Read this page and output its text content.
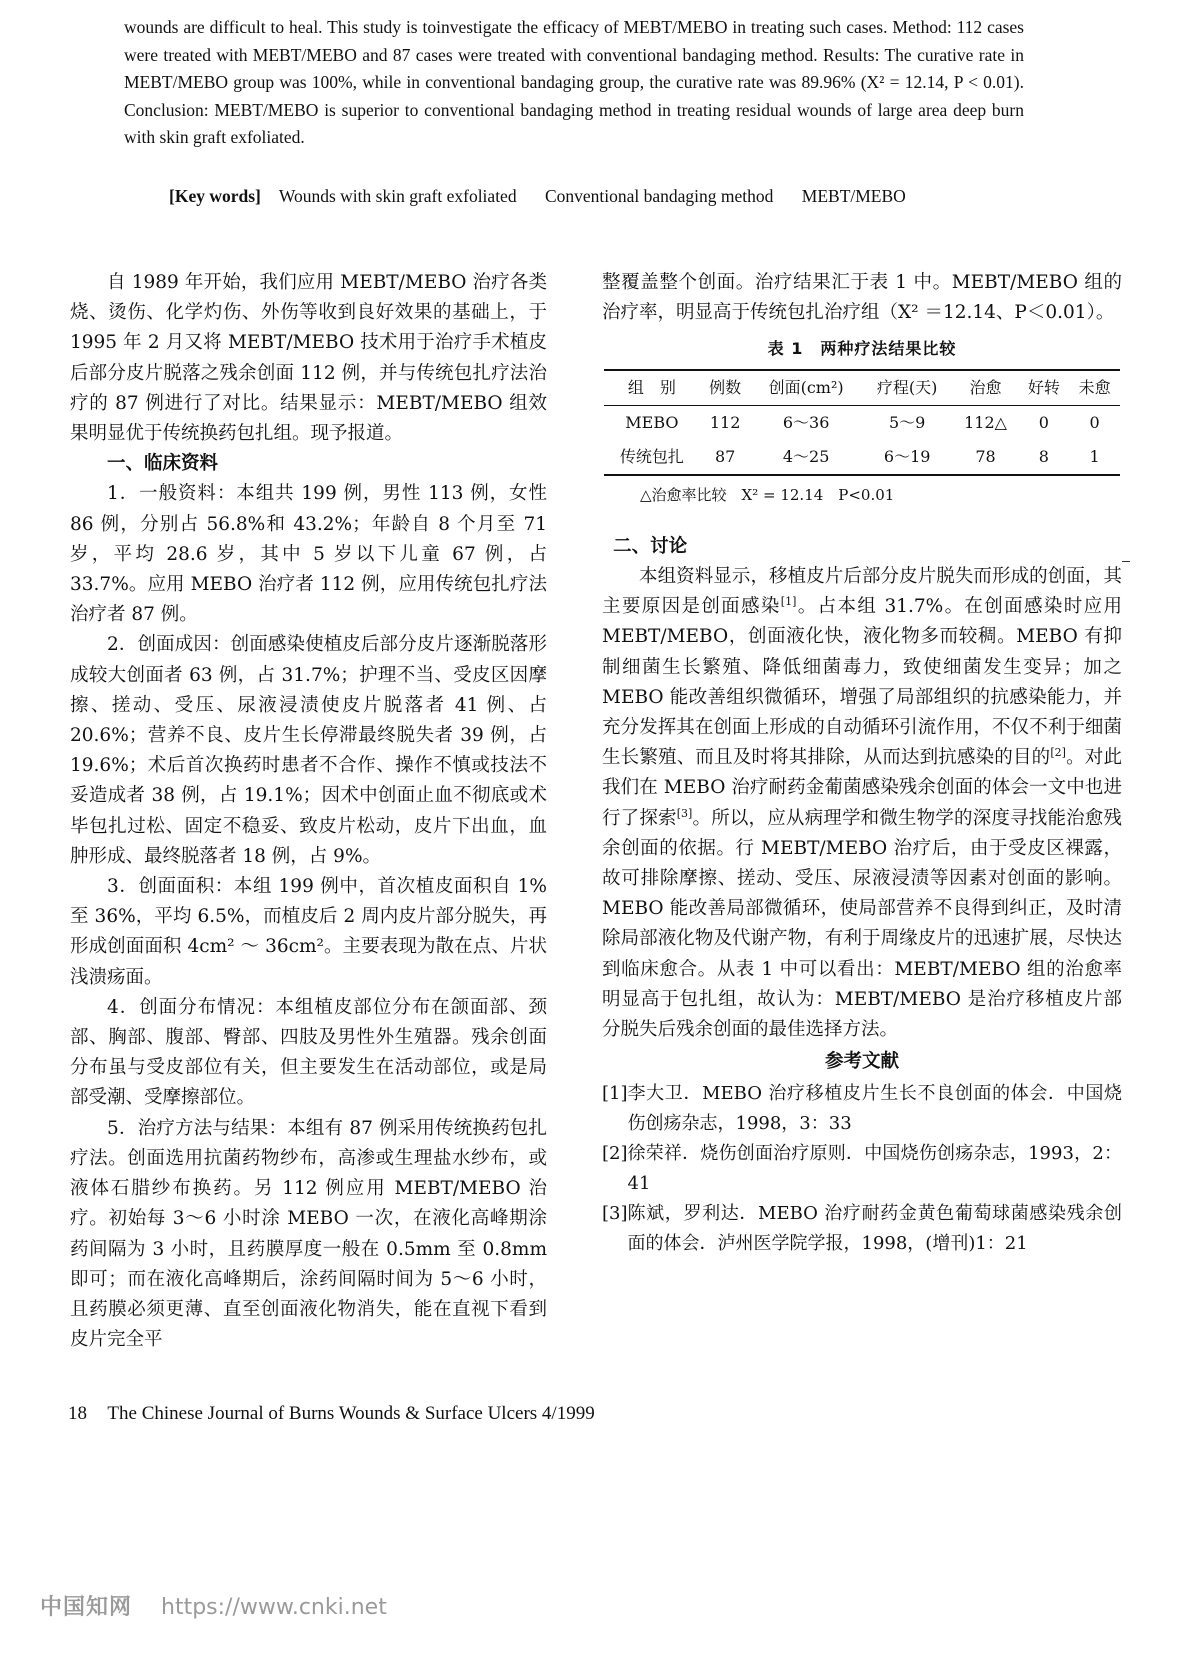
wounds are difficult to heal. This study is toinvestigate the efficacy of MEBT/MEBO in treating such cases. Method: 112 cases were treated with MEBT/MEBO and 87 cases were treated with conventional bandaging method. Results: The curative rate in MEBT/MEBO group was 100%, while in conventional bandaging group, the curative rate was 89.96% (X² = 12.14, P < 0.01). Conclusion: MEBT/MEBO is superior to conventional bandaging method in treating residual wounds of large area deep burn with skin graft exfoliated.

[Key words] Wounds with skin graft exfoliated Conventional bandaging method MEBT/MEBO

自 1989 年开始，我们应用 MEBT/MEBO 治疗各类烧、烫伤、化学灼伤、外伤等收到良好效果的基础上，于 1995 年 2 月又将 MEBT/MEBO 技术用于治疗手术植皮后部分皮片脱落之残余创面 112 例，并与传统包扎疗法治疗的 87 例进行了对比。结果显示：MEBT/MEBO 组效果明显优于传统换药包扎组。现予报道。

一、临床资料

1．一般资料：本组共 199 例，男性 113 例，女性 86 例，分别占 56.8%和 43.2%；年龄自 8 个月至 71 岁，平均 28.6 岁，其中 5 岁以下儿童 67 例，占 33.7%。应用 MEBO 治疗者 112 例，应用传统包扎疗法治疗者 87 例。

2．创面成因：创面感染使植皮后部分皮片逐渐脱落形成较大创面者 63 例，占 31.7%；护理不当、受皮区因摩擦、搓动、受压、尿液浸渍使皮片脱落者 41 例、占 20.6%；营养不良、皮片生长停滞最终脱失者 39 例，占 19.6%；术后首次换药时患者不合作、操作不慎或技法不妥造成者 38 例，占 19.1%；因术中创面止血不彻底或术毕包扎过松、固定不稳妥、致皮片松动，皮片下出血，血肿形成、最终脱落者 18 例，占 9%。

3．创面面积：本组 199 例中，首次植皮面积自 1%至 36%，平均 6.5%，而植皮后 2 周内皮片部分脱失，再形成创面面积 4cm² ～ 36cm²。主要表现为散在点、片状浅溃疡面。

4．创面分布情况：本组植皮部位分布在颌面部、颈部、胸部、腹部、臀部、四肢及男性外生殖器。残余创面分布虽与受皮部位有关，但主要发生在活动部位，或是局部受潮、受摩擦部位。

5．治疗方法与结果：本组有 87 例采用传统换药包扎疗法。创面选用抗菌药物纱布，高渗或生理盐水纱布，或液体石腊纱布换药。另 112 例应用 MEBT/MEBO 治疗。初始每 3～6 小时涂 MEBO 一次，在液化高峰期涂药间隔为 3 小时，且药膜厚度一般在 0.5mm 至 0.8mm 即可；而在液化高峰期后，涂药间隔时间为 5～6 小时，且药膜必须更薄、直至创面液化物消失，能在直视下看到皮片完全平

整覆盖整个创面。治疗结果汇于表 1 中。MEBT/MEBO 组的治疗率，明显高于传统包扎治疗组（X² ＝12.14、P＜0.01）。

表 1　两种疗法结果比较
组　别	例数	创面(cm²)	疗程(天)	治愈	好转	未愈
MEBO	112	6～36	5～9	112△	0	0
传统包扎	87	4～25	6～19	78	8	1
△治愈率比较　X² = 12.14　P<0.01
二、讨论

本组资料显示，移植皮片后部分皮片脱失而形成的创面，其主要原因是创面感染[1]。占本组 31.7%。在创面感染时应用 MEBT/MEBO，创面液化快，液化物多而较稠。MEBO 有抑制细菌生长繁殖、降低细菌毒力，致使细菌发生变异；加之 MEBO 能改善组织微循环，增强了局部组织的抗感染能力，并充分发挥其在创面上形成的自动循环引流作用，不仅不利于细菌生长繁殖、而且及时将其排除，从而达到抗感染的目的[2]。对此我们在 MEBO 治疗耐药金葡菌感染残余创面的体会一文中也进行了探索[3]。所以，应从病理学和微生物学的深度寻找能治愈残余创面的依据。行 MEBT/MEBO 治疗后，由于受皮区裸露，故可排除摩擦、搓动、受压、尿液浸渍等因素对创面的影响。MEBO 能改善局部微循环，使局部营养不良得到纠正，及时清除局部液化物及代谢产物，有利于周缘皮片的迅速扩展，尽快达到临床愈合。从表 1 中可以看出：MEBT/MEBO 组的治愈率明显高于包扎组，故认为：MEBT/MEBO 是治疗移植皮片部分脱失后残余创面的最佳选择方法。

参考文献
[1] 李大卫．MEBO 治疗移植皮片生长不良创面的体会．中国烧伤创疡杂志，1998，3：33
[2] 徐荣祥．烧伤创面治疗原则．中国烧伤创疡杂志，1993，2：41
[3] 陈斌，罗利达．MEBO 治疗耐药金黄色葡萄球菌感染残余创面的体会．泸州医学院学报，1998，(增刊)1：21
18 The Chinese Journal of Burns Wounds & Surface Ulcers 4/1999
中国知网 https://www.cnki.net
